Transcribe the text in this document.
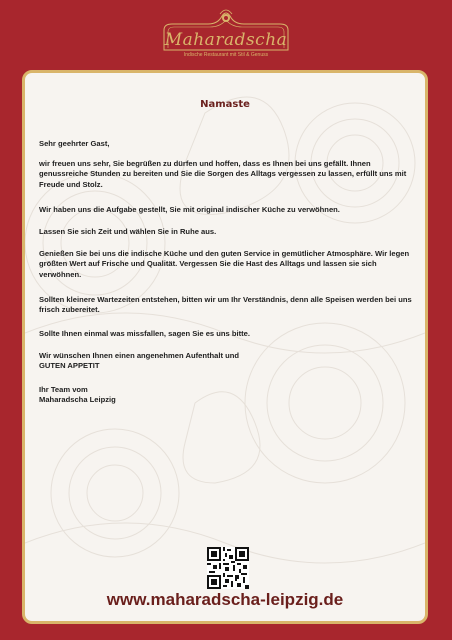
Maharadscha
Indische Restaurant mit Stil & Genuss
Namaste
Sehr geehrter Gast,
wir freuen uns sehr, Sie begrüßen zu dürfen und hoffen, dass es Ihnen bei uns gefällt. Ihnen genussreiche Stunden zu bereiten und Sie die Sorgen des Alltags vergessen zu lassen, erfüllt uns mit Freude und Stolz.
Wir haben uns die Aufgabe gestellt, Sie mit original indischer Küche zu verwöhnen.
Lassen Sie sich Zeit und wählen Sie in Ruhe aus.
Genießen Sie bei uns die indische Küche und den guten Service in gemütlicher Atmosphäre. Wir legen größten Wert auf Frische und Qualität. Vergessen Sie die Hast des Alltags und lassen sie sich verwöhnen.
Sollten kleinere Wartezeiten entstehen, bitten wir um Ihr Verständnis, denn alle Speisen werden bei uns frisch zubereitet.
Sollte Ihnen einmal was missfallen, sagen Sie es uns bitte.
Wir wünschen Ihnen einen angenehmen Aufenthalt und
GUTEN APPETIT
Ihr Team vom
Maharadscha Leipzig
www.maharadscha-leipzig.de
